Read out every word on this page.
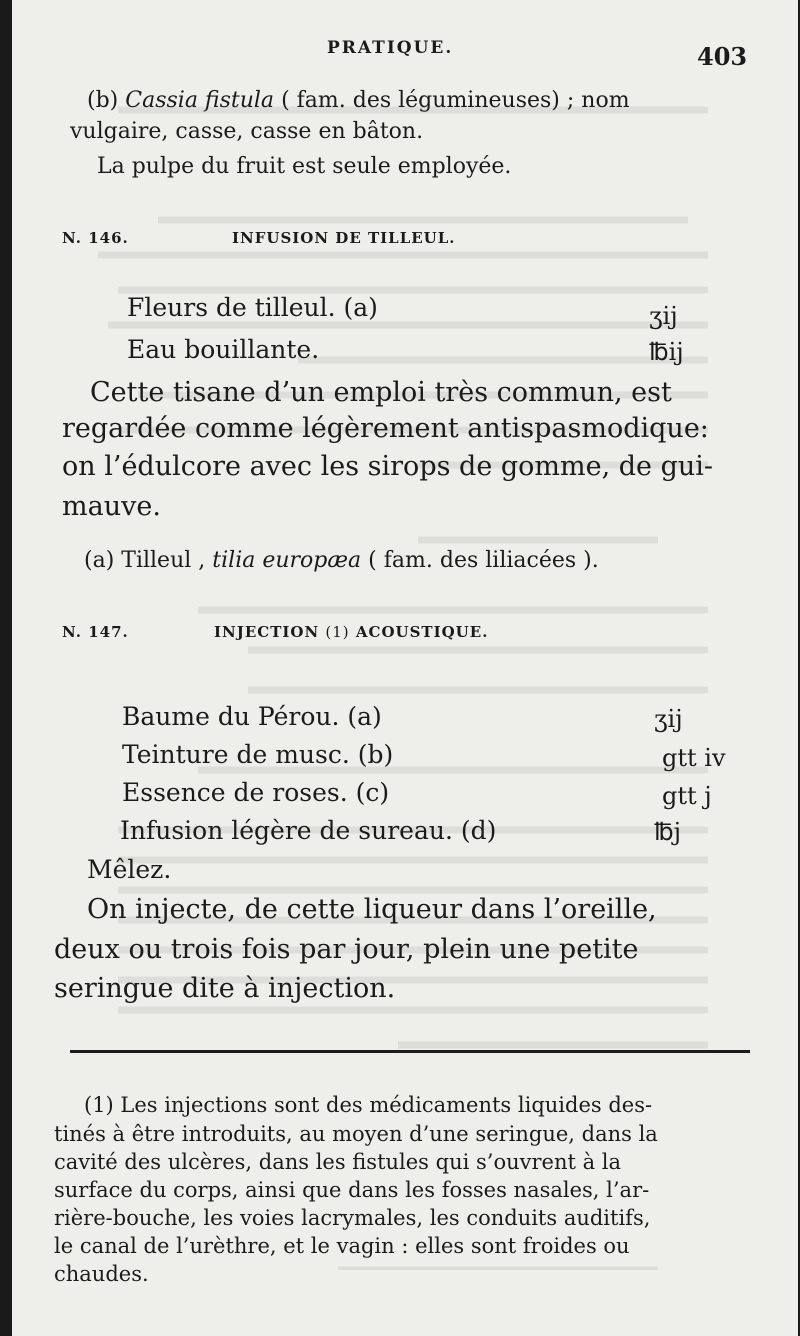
PRATIQUE.	403
(b) Cassia fistula ( fam. des légumineuses) ; nom
vulgaire, casse, casse en bâton.
La pulpe du fruit est seule employée.
N. 146.	INFUSION DE TILLEUL.
Fleurs de tilleul. (a)	ʒij
Eau bouillante.	℔ij
Cette tisane d’un emploi très commun, est
regardée comme légèrement antispasmodique:
on l’édulcore avec les sirops de gomme, de gui-
mauve.
(a) Tilleul , tilia europæa ( fam. des liliacées ).
N. 147.	INJECTION (1) ACOUSTIQUE.
Baume du Pérou. (a)	ʒij
Teinture de musc. (b)	gtt iv
Essence de roses. (c)	gtt j
Infusion légère de sureau. (d)	℔j
Mêlez.
On injecte, de cette liqueur dans l’oreille,
deux ou trois fois par jour, plein une petite
seringue dite à injection.
(1) Les injections sont des médicaments liquides des-
tinés à être introduits, au moyen d’une seringue, dans la
cavité des ulcères, dans les fistules qui s’ouvrent à la
surface du corps, ainsi que dans les fosses nasales, l’ar-
rière-bouche, les voies lacrymales, les conduits auditifs,
le canal de l’urèthre, et le vagin : elles sont froides ou
chaudes.
